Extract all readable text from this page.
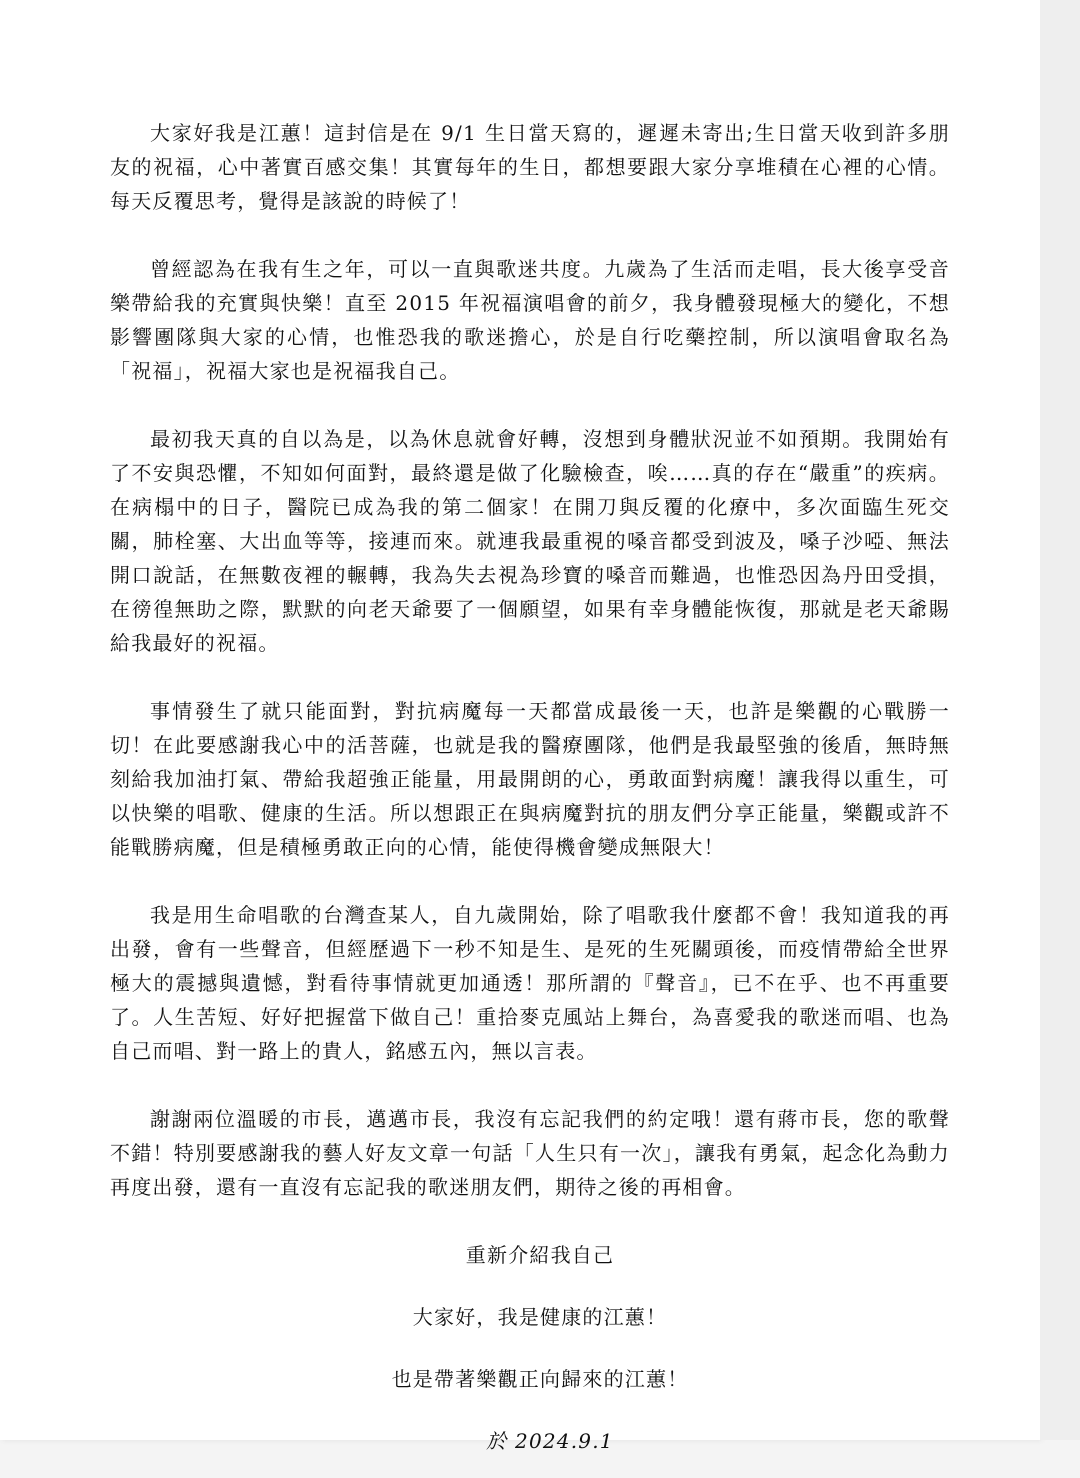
大家好我是江蕙！這封信是在 9/1 生日當天寫的，遲遲未寄出;生日當天收到許多朋友的祝福，心中著實百感交集！其實每年的生日，都想要跟大家分享堆積在心裡的心情。每天反覆思考，覺得是該說的時候了！

曾經認為在我有生之年，可以一直與歌迷共度。九歲為了生活而走唱，長大後享受音樂帶給我的充實與快樂！直至 2015 年祝福演唱會的前夕，我身體發現極大的變化，不想影響團隊與大家的心情，也惟恐我的歌迷擔心，於是自行吃藥控制，所以演唱會取名為「祝福」，祝福大家也是祝福我自己。

最初我天真的自以為是，以為休息就會好轉，沒想到身體狀況並不如預期。我開始有了不安與恐懼，不知如何面對，最終還是做了化驗檢查，唉……真的存在“嚴重”的疾病。在病榻中的日子，醫院已成為我的第二個家！在開刀與反覆的化療中，多次面臨生死交關，肺栓塞、大出血等等，接連而來。就連我最重視的嗓音都受到波及，嗓子沙啞、無法開口說話，在無數夜裡的輾轉，我為失去視為珍寶的嗓音而難過，也惟恐因為丹田受損，在徬徨無助之際，默默的向老天爺要了一個願望，如果有幸身體能恢復，那就是老天爺賜給我最好的祝福。

事情發生了就只能面對，對抗病魔每一天都當成最後一天，也許是樂觀的心戰勝一切！在此要感謝我心中的活菩薩，也就是我的醫療團隊，他們是我最堅強的後盾，無時無刻給我加油打氣、帶給我超強正能量，用最開朗的心，勇敢面對病魔！讓我得以重生，可以快樂的唱歌、健康的生活。所以想跟正在與病魔對抗的朋友們分享正能量，樂觀或許不能戰勝病魔，但是積極勇敢正向的心情，能使得機會變成無限大！

我是用生命唱歌的台灣查某人，自九歲開始，除了唱歌我什麼都不會！我知道我的再出發，會有一些聲音，但經歷過下一秒不知是生、是死的生死關頭後，而疫情帶給全世界極大的震撼與遺憾，對看待事情就更加通透！那所謂的『聲音』，已不在乎、也不再重要了。人生苦短、好好把握當下做自己！重拾麥克風站上舞台，為喜愛我的歌迷而唱、也為自己而唱、對一路上的貴人，銘感五內，無以言表。

謝謝兩位溫暖的市長，邁邁市長，我沒有忘記我們的約定哦！還有蔣市長，您的歌聲不錯！特別要感謝我的藝人好友文章一句話「人生只有一次」，讓我有勇氣，起念化為動力再度出發，還有一直沒有忘記我的歌迷朋友們，期待之後的再相會。

重新介紹我自己

大家好，我是健康的江蕙！

也是帶著樂觀正向歸來的江蕙！

於 2024.9.1
